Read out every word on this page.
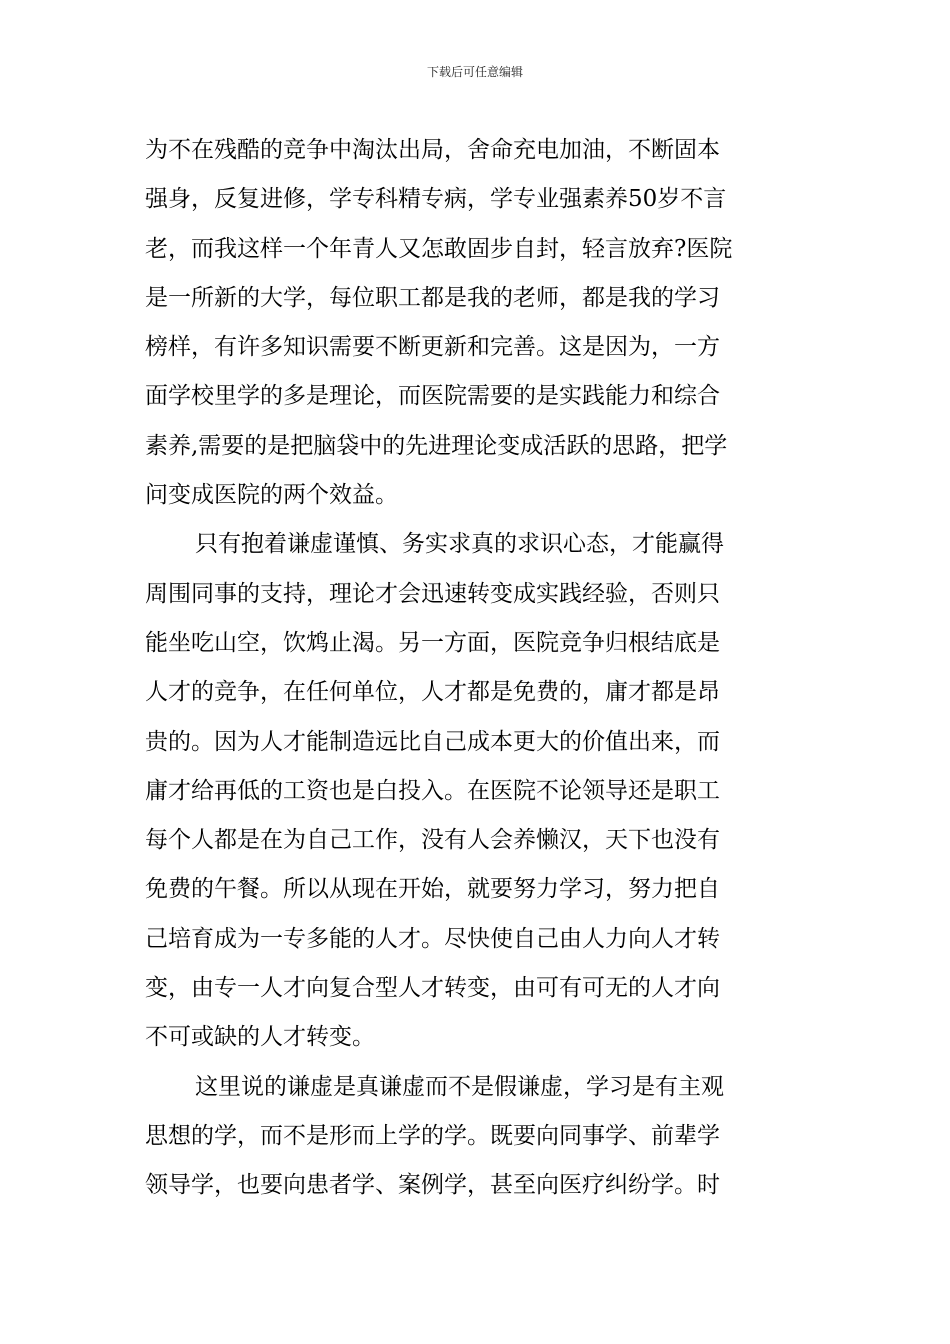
下载后可任意编辑
为不在残酷的竞争中淘汰出局，舍命充电加油，不断固本
强身，反复进修，学专科精专病，学专业强素养50岁不言
老，而我这样一个年青人又怎敢固步自封，轻言放弃?医院
是一所新的大学，每位职工都是我的老师，都是我的学习
榜样，有许多知识需要不断更新和完善。这是因为，一方
面学校里学的多是理论，而医院需要的是实践能力和综合
素养,需要的是把脑袋中的先进理论变成活跃的思路，把学
问变成医院的两个效益。
只有抱着谦虚谨慎、务实求真的求识心态，才能赢得
周围同事的支持，理论才会迅速转变成实践经验，否则只
能坐吃山空，饮鸩止渴。另一方面，医院竞争归根结底是
人才的竞争，在任何单位，人才都是免费的，庸才都是昂
贵的。因为人才能制造远比自己成本更大的价值出来，而
庸才给再低的工资也是白投入。在医院不论领导还是职工
每个人都是在为自己工作，没有人会养懒汉，天下也没有
免费的午餐。所以从现在开始，就要努力学习，努力把自
己培育成为一专多能的人才。尽快使自己由人力向人才转
变，由专一人才向复合型人才转变，由可有可无的人才向
不可或缺的人才转变。
这里说的谦虚是真谦虚而不是假谦虚，学习是有主观
思想的学，而不是形而上学的学。既要向同事学、前辈学
领导学，也要向患者学、案例学，甚至向医疗纠纷学。时
